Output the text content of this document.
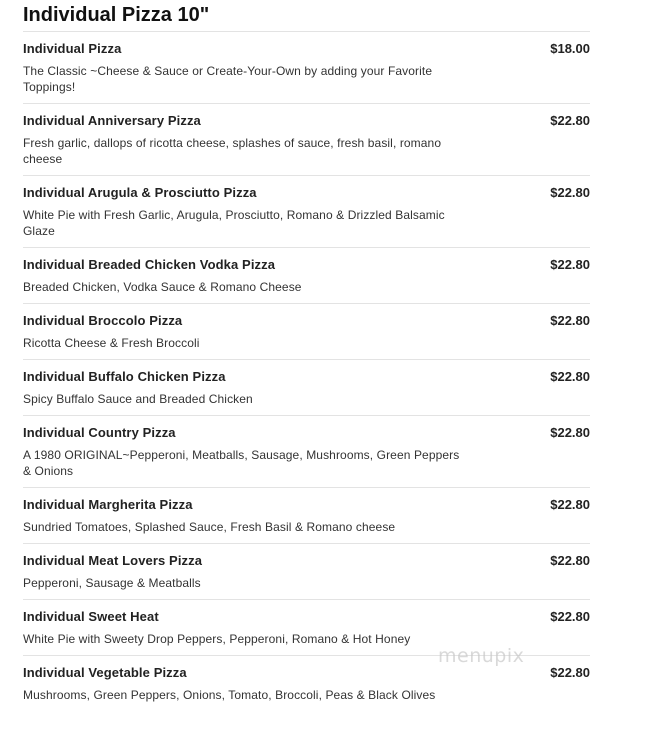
Individual Pizza 10"
Individual Pizza	$18.00
The Classic ~Cheese & Sauce or Create-Your-Own by adding your Favorite Toppings!
Individual Anniversary Pizza	$22.80
Fresh garlic, dallops of ricotta cheese, splashes of sauce, fresh basil, romano cheese
Individual Arugula & Prosciutto Pizza	$22.80
White Pie with Fresh Garlic, Arugula, Prosciutto, Romano & Drizzled Balsamic Glaze
Individual Breaded Chicken Vodka Pizza	$22.80
Breaded Chicken, Vodka Sauce & Romano Cheese
Individual Broccolo Pizza	$22.80
Ricotta Cheese & Fresh Broccoli
Individual Buffalo Chicken Pizza	$22.80
Spicy Buffalo Sauce and Breaded Chicken
Individual Country Pizza	$22.80
A 1980 ORIGINAL~Pepperoni, Meatballs, Sausage, Mushrooms, Green Peppers & Onions
Individual Margherita Pizza	$22.80
Sundried Tomatoes, Splashed Sauce, Fresh Basil & Romano cheese
Individual Meat Lovers Pizza	$22.80
Pepperoni, Sausage & Meatballs
Individual Sweet Heat	$22.80
White Pie with Sweety Drop Peppers, Pepperoni, Romano & Hot Honey
Individual Vegetable Pizza	$22.80
Mushrooms, Green Peppers, Onions, Tomato, Broccoli, Peas & Black Olives
menupix
